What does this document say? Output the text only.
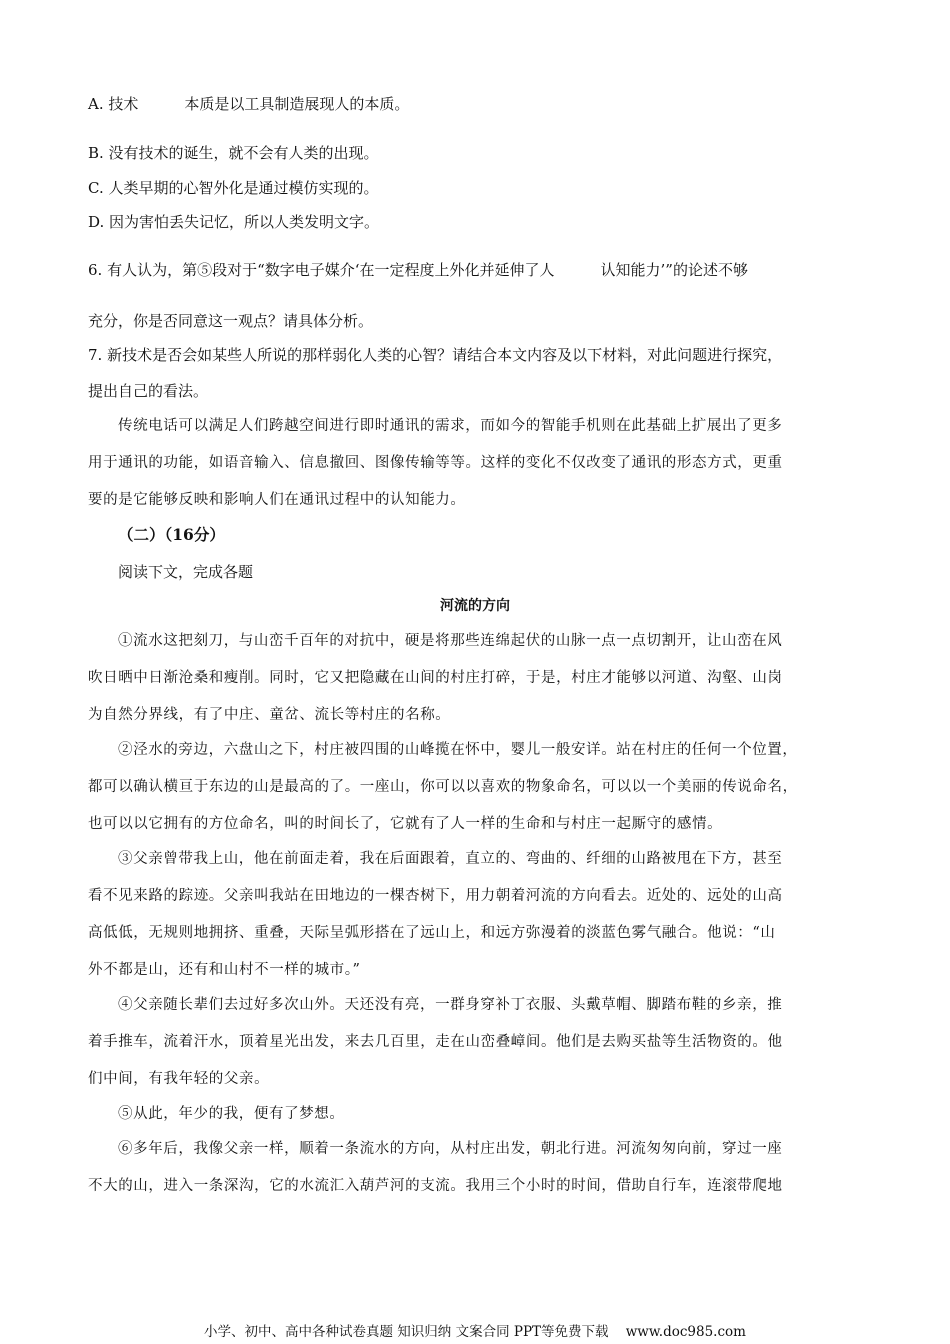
A. 技术	本质是以工具制造展现人的本质。
B. 没有技术的诞生，就不会有人类的出现。
C. 人类早期的心智外化是通过模仿实现的。
D. 因为害怕丢失记忆，所以人类发明文字。
6. 有人认为，第⑤段对于“数字电子媒介‘在一定程度上外化并延伸了人	认知能力’”的论述不够
充分，你是否同意这一观点？请具体分析。
7. 新技术是否会如某些人所说的那样弱化人类的心智？请结合本文内容及以下材料，对此问题进行探究，
提出自己的看法。
传统电话可以满足人们跨越空间进行即时通讯的需求，而如今的智能手机则在此基础上扩展出了更多
用于通讯的功能，如语音输入、信息撤回、图像传输等等。这样的变化不仅改变了通讯的形态方式，更重
要的是它能够反映和影响人们在通讯过程中的认知能力。
（二）（16分）
阅读下文，完成各题
河流的方向
①流水这把刻刀，与山峦千百年的对抗中，硬是将那些连绵起伏的山脉一点一点切割开，让山峦在风
吹日晒中日渐沧桑和瘦削。同时，它又把隐藏在山间的村庄打碎，于是，村庄才能够以河道、沟壑、山岗
为自然分界线，有了中庄、童岔、流长等村庄的名称。
②泾水的旁边，六盘山之下，村庄被四围的山峰揽在怀中，婴儿一般安详。站在村庄的任何一个位置，
都可以确认横亘于东边的山是最高的了。一座山，你可以以喜欢的物象命名，可以以一个美丽的传说命名，
也可以以它拥有的方位命名，叫的时间长了，它就有了人一样的生命和与村庄一起厮守的感情。
③父亲曾带我上山，他在前面走着，我在后面跟着，直立的、弯曲的、纤细的山路被甩在下方，甚至
看不见来路的踪迹。父亲叫我站在田地边的一棵杏树下，用力朝着河流的方向看去。近处的、远处的山高
高低低，无规则地拥挤、重叠，天际呈弧形搭在了远山上，和远方弥漫着的淡蓝色雾气融合。他说：“山
外不都是山，还有和山村不一样的城市。”
④父亲随长辈们去过好多次山外。天还没有亮，一群身穿补丁衣服、头戴草帽、脚踏布鞋的乡亲，推
着手推车，流着汗水，顶着星光出发，来去几百里，走在山峦叠嶂间。他们是去购买盐等生活物资的。他
们中间，有我年轻的父亲。
⑤从此，年少的我，便有了梦想。
⑥多年后，我像父亲一样，顺着一条流水的方向，从村庄出发，朝北行进。河流匆匆向前，穿过一座
不大的山，进入一条深沟，它的水流汇入葫芦河的支流。我用三个小时的时间，借助自行车，连滚带爬地
小学、初中、高中各种试卷真题 知识归纳 文案合同 PPT等免费下载    www.doc985.com
